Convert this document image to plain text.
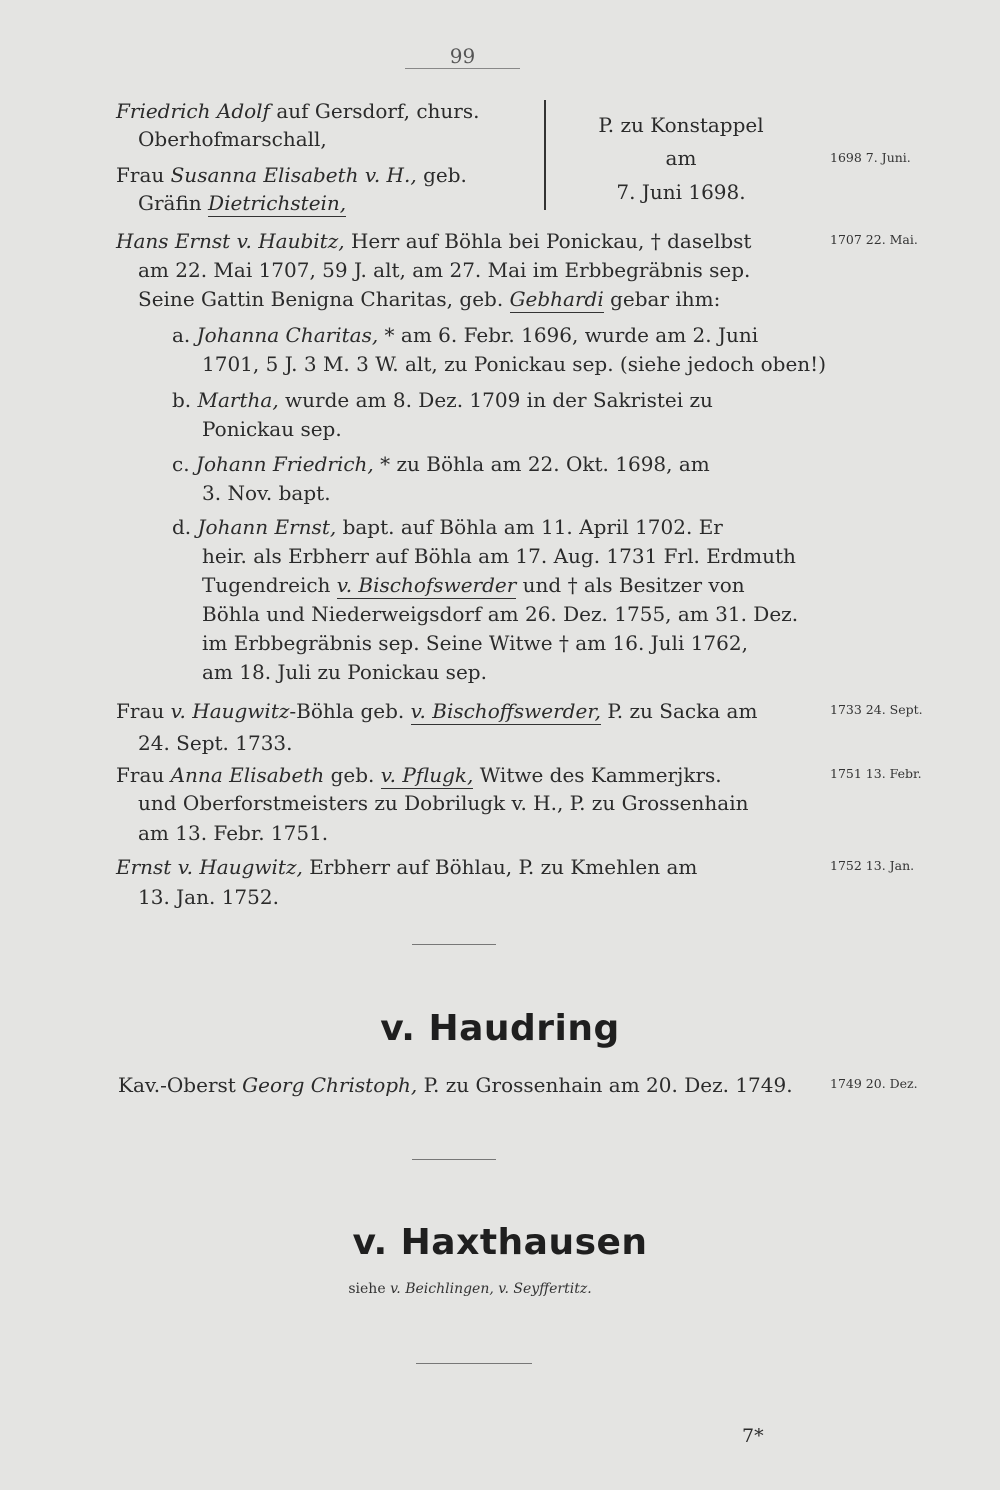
99
Friedrich Adolf auf Gersdorf, churs.
Oberhofmarschall,
Frau Susanna Elisabeth v. H., geb.
Gräfin Dietrichstein,
P. zu Konstappel
am
7. Juni 1698.
1698 7. Juni.
Hans Ernst v. Haubitz, Herr auf Böhla bei Ponickau, † daselbst
am 22. Mai 1707, 59 J. alt, am 27. Mai im Erbbegräbnis sep.
Seine Gattin Benigna Charitas, geb. Gebhardi gebar ihm:
1707 22. Mai.
a. Johanna Charitas, * am 6. Febr. 1696, wurde am 2. Juni
1701, 5 J. 3 M. 3 W. alt, zu Ponickau sep. (siehe jedoch oben!)
b. Martha, wurde am 8. Dez. 1709 in der Sakristei zu
Ponickau sep.
c. Johann Friedrich, * zu Böhla am 22. Okt. 1698, am
3. Nov. bapt.
d. Johann Ernst, bapt. auf Böhla am 11. April 1702. Er
heir. als Erbherr auf Böhla am 17. Aug. 1731 Frl. Erdmuth
Tugendreich v. Bischofswerder und † als Besitzer von
Böhla und Niederweigsdorf am 26. Dez. 1755, am 31. Dez.
im Erbbegräbnis sep. Seine Witwe † am 16. Juli 1762,
am 18. Juli zu Ponickau sep.
Frau v. Haugwitz-Böhla geb. v. Bischoffswerder, P. zu Sacka am
24. Sept. 1733.
1733 24. Sept.
Frau Anna Elisabeth geb. v. Pflugk, Witwe des Kammerjkrs.
und Oberforstmeisters zu Dobrilugk v. H., P. zu Grossenhain
am 13. Febr. 1751.
1751 13. Febr.
Ernst v. Haugwitz, Erbherr auf Böhlau, P. zu Kmehlen am
13. Jan. 1752.
1752 13. Jan.
v. Haudring
Kav.-Oberst Georg Christoph, P. zu Grossenhain am 20. Dez. 1749.	1749 20. Dez.
v. Haxthausen
siehe v. Beichlingen, v. Seyffertitz.
7*
